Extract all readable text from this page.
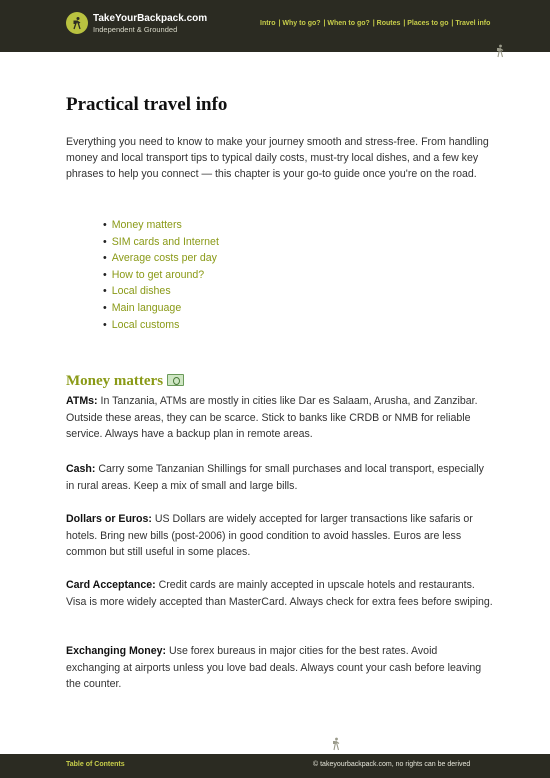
TakeYourBackpack.com
Independent & Grounded
Intro | Why to go? | When to go? | Routes | Places to go | Travel info
Practical travel info

Everything you need to know to make your journey smooth and stress-free. From handling money and local transport tips to typical daily costs, must-try local dishes, and a few key phrases to help you connect — this chapter is your go-to guide once you're on the road.

• Money matters
• SIM cards and Internet
• Average costs per day
• How to get around?
• Local dishes
• Main language
• Local customs
Money matters

ATMs: In Tanzania, ATMs are mostly in cities like Dar es Salaam, Arusha, and Zanzibar. Outside these areas, they can be scarce. Stick to banks like CRDB or NMB for reliable service. Always have a backup plan in remote areas.

Cash: Carry some Tanzanian Shillings for small purchases and local transport, especially in rural areas. Keep a mix of small and large bills.

Dollars or Euros: US Dollars are widely accepted for larger transactions like safaris or hotels. Bring new bills (post-2006) in good condition to avoid hassles. Euros are less common but still useful in some places.

Card Acceptance: Credit cards are mainly accepted in upscale hotels and restaurants. Visa is more widely accepted than MasterCard. Always check for extra fees before swiping.

Exchanging Money: Use forex bureaus in major cities for the best rates. Avoid exchanging at airports unless you love bad deals. Always count your cash before leaving the counter.

Table of Contents	© takeyourbackpack.com, no rights can be derived
